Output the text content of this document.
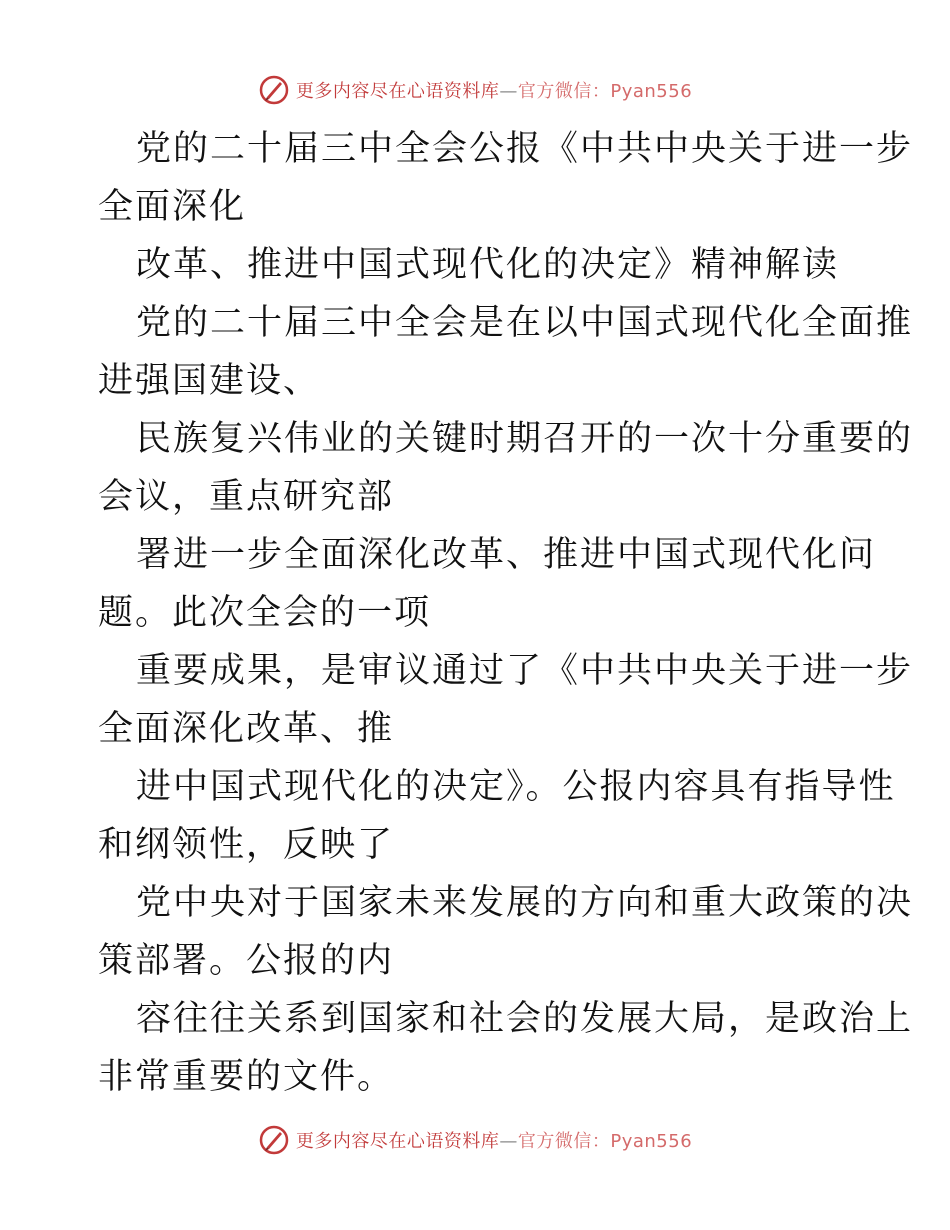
更多内容尽在心语资料库—官方微信：Pyan556
党的二十届三中全会公报《中共中央关于进一步
全面深化
改革、推进中国式现代化的决定》精神解读
党的二十届三中全会是在以中国式现代化全面推
进强国建设、
民族复兴伟业的关键时期召开的一次十分重要的
会议，重点研究部
署进一步全面深化改革、推进中国式现代化问
题。此次全会的一项
重要成果，是审议通过了《中共中央关于进一步
全面深化改革、推
进中国式现代化的决定》。公报内容具有指导性
和纲领性，反映了
党中央对于国家未来发展的方向和重大政策的决
策部署。公报的内
容往往关系到国家和社会的发展大局，是政治上
非常重要的文件。
更多内容尽在心语资料库—官方微信：Pyan556
